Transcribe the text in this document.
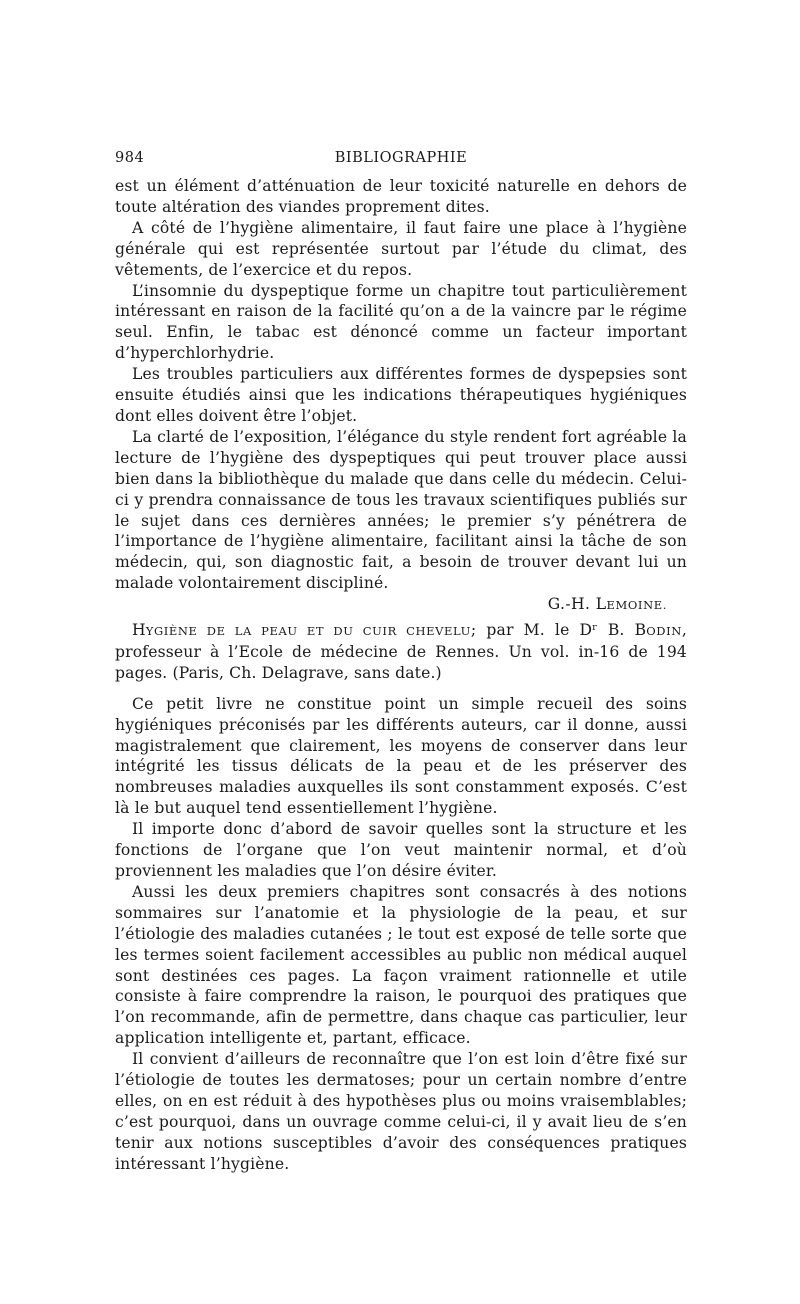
984	BIBLIOGRAPHIE

est un élément d’atténuation de leur toxicité naturelle en dehors de toute altération des viandes proprement dites.

A côté de l’hygiène alimentaire, il faut faire une place à l’hygiène générale qui est représentée surtout par l’étude du climat, des vêtements, de l’exercice et du repos.

L’insomnie du dyspeptique forme un chapitre tout particulièrement intéressant en raison de la facilité qu’on a de la vaincre par le régime seul. Enfin, le tabac est dénoncé comme un facteur important d’hyperchlorhydrie.

Les troubles particuliers aux différentes formes de dyspepsies sont ensuite étudiés ainsi que les indications thérapeutiques hygiéniques dont elles doivent être l’objet.

La clarté de l’exposition, l’élégance du style rendent fort agréable la lecture de l’hygiène des dyspeptiques qui peut trouver place aussi bien dans la bibliothèque du malade que dans celle du médecin. Celui-ci y prendra connaissance de tous les travaux scientifiques publiés sur le sujet dans ces dernières années; le premier s’y pénétrera de l’importance de l’hygiène alimentaire, facilitant ainsi la tâche de son médecin, qui, son diagnostic fait, a besoin de trouver devant lui un malade volontairement discipliné.

G.-H. LEMOINE.

HYGIÈNE DE LA PEAU ET DU CUIR CHEVELU; par M. le Dʳ B. BODIN, professeur à l’Ecole de médecine de Rennes. Un vol. in-16 de 194 pages. (Paris, Ch. Delagrave, sans date.)

Ce petit livre ne constitue point un simple recueil des soins hygiéniques préconisés par les différents auteurs, car il donne, aussi magistralement que clairement, les moyens de conserver dans leur intégrité les tissus délicats de la peau et de les préserver des nombreuses maladies auxquelles ils sont constamment exposés. C’est là le but auquel tend essentiellement l’hygiène.

Il importe donc d’abord de savoir quelles sont la structure et les fonctions de l’organe que l’on veut maintenir normal, et d’où proviennent les maladies que l’on désire éviter.

Aussi les deux premiers chapitres sont consacrés à des notions sommaires sur l’anatomie et la physiologie de la peau, et sur l’étiologie des maladies cutanées ; le tout est exposé de telle sorte que les termes soient facilement accessibles au public non médical auquel sont destinées ces pages. La façon vraiment rationnelle et utile consiste à faire comprendre la raison, le pourquoi des pratiques que l’on recommande, afin de permettre, dans chaque cas particulier, leur application intelligente et, partant, efficace.

Il convient d’ailleurs de reconnaître que l’on est loin d’être fixé sur l’étiologie de toutes les dermatoses; pour un certain nombre d’entre elles, on en est réduit à des hypothèses plus ou moins vraisemblables; c’est pourquoi, dans un ouvrage comme celui-ci, il y avait lieu de s’en tenir aux notions susceptibles d’avoir des conséquences pratiques intéressant l’hygiène.
